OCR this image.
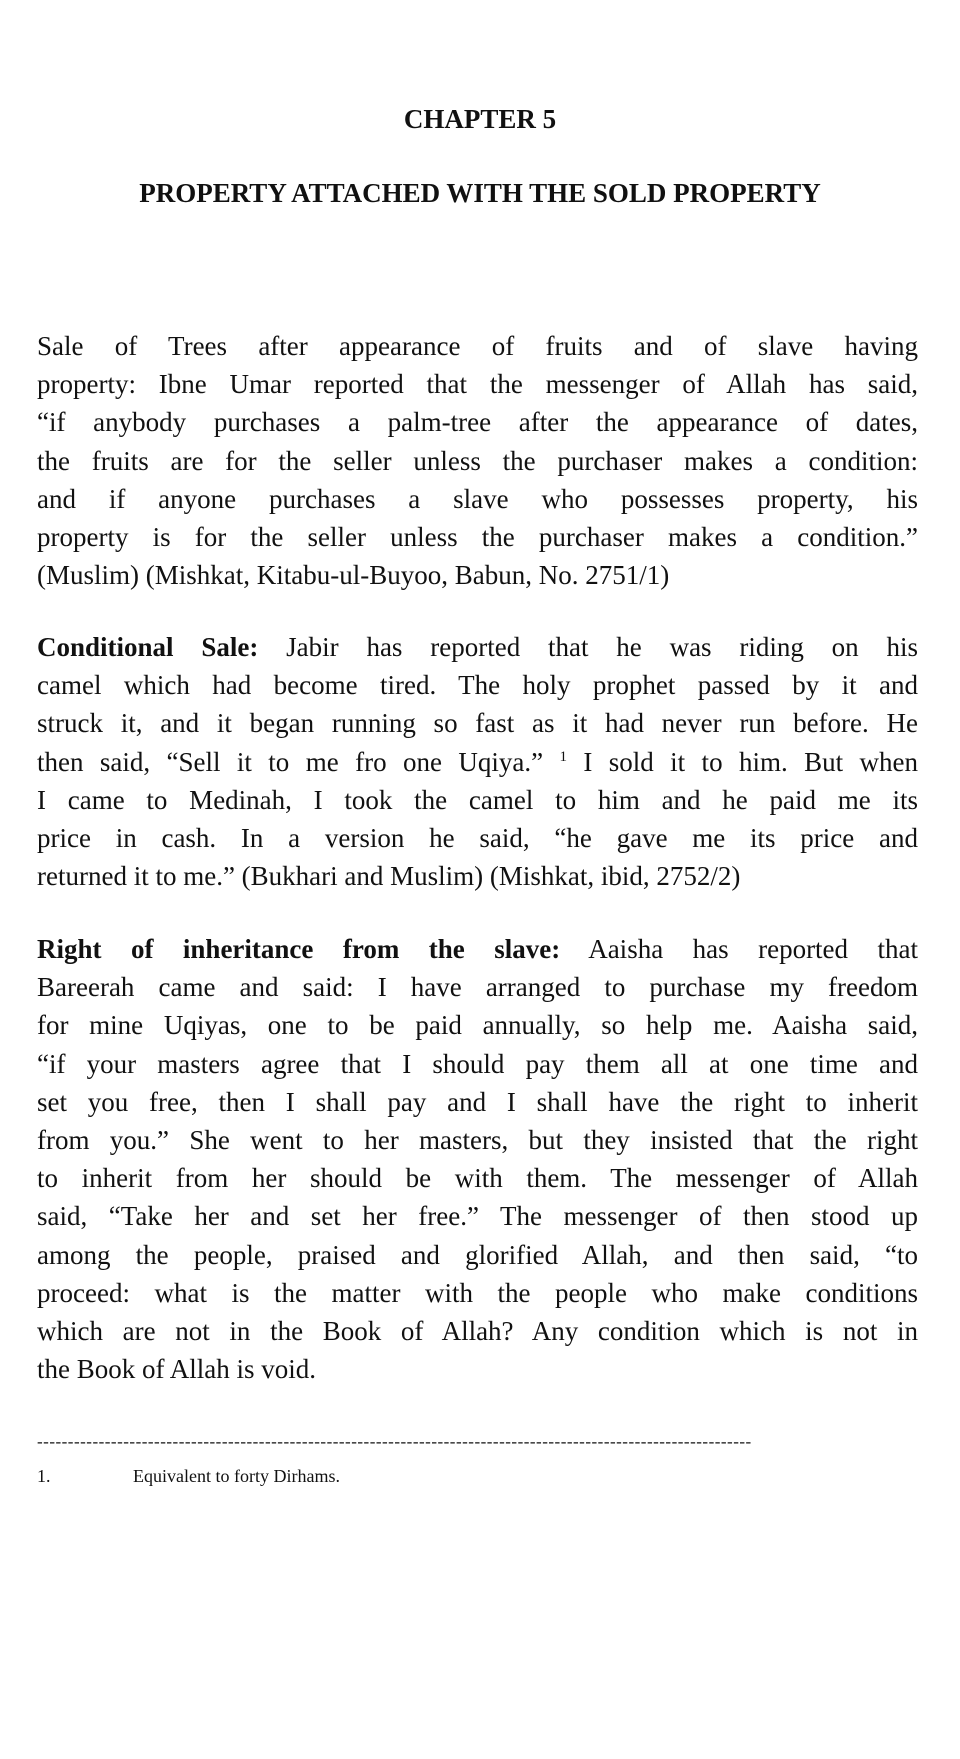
CHAPTER 5
PROPERTY ATTACHED WITH THE SOLD PROPERTY
Sale of Trees after appearance of fruits and of slave having
property: Ibne Umar reported that the messenger of Allah has said,
“if anybody purchases a palm-tree after the appearance of dates,
the fruits are for the seller unless the purchaser makes a condition:
and if anyone purchases a slave who possesses property, his
property is for the seller unless the purchaser makes a condition.”
(Muslim) (Mishkat, Kitabu-ul-Buyoo, Babun, No. 2751/1)
Conditional Sale: Jabir has reported that he was riding on his
camel which had become tired. The holy prophet passed by it and
struck it, and it began running so fast as it had never run before. He
then said, “Sell it to me fro one Uqiya.” $^1$ I sold it to him. But when
I came to Medinah, I took the camel to him and he paid me its
price in cash. In a version he said, “he gave me its price and
returned it to me.” (Bukhari and Muslim) (Mishkat, ibid, 2752/2)
Right of inheritance from the slave: Aaisha has reported that
Bareerah came and said: I have arranged to purchase my freedom
for mine Uqiyas, one to be paid annually, so help me. Aaisha said,
“if your masters agree that I should pay them all at one time and
set you free, then I shall pay and I shall have the right to inherit
from you.” She went to her masters, but they insisted that the right
to inherit from her should be with them. The messenger of Allah
said, “Take her and set her free.” The messenger of then stood up
among the people, praised and glorified Allah, and then said, “to
proceed: what is the matter with the people who make conditions
which are not in the Book of Allah? Any condition which is not in
the Book of Allah is void.
--------------------------------------------------------------------------------------------------------------------
1.	Equivalent to forty Dirhams.
